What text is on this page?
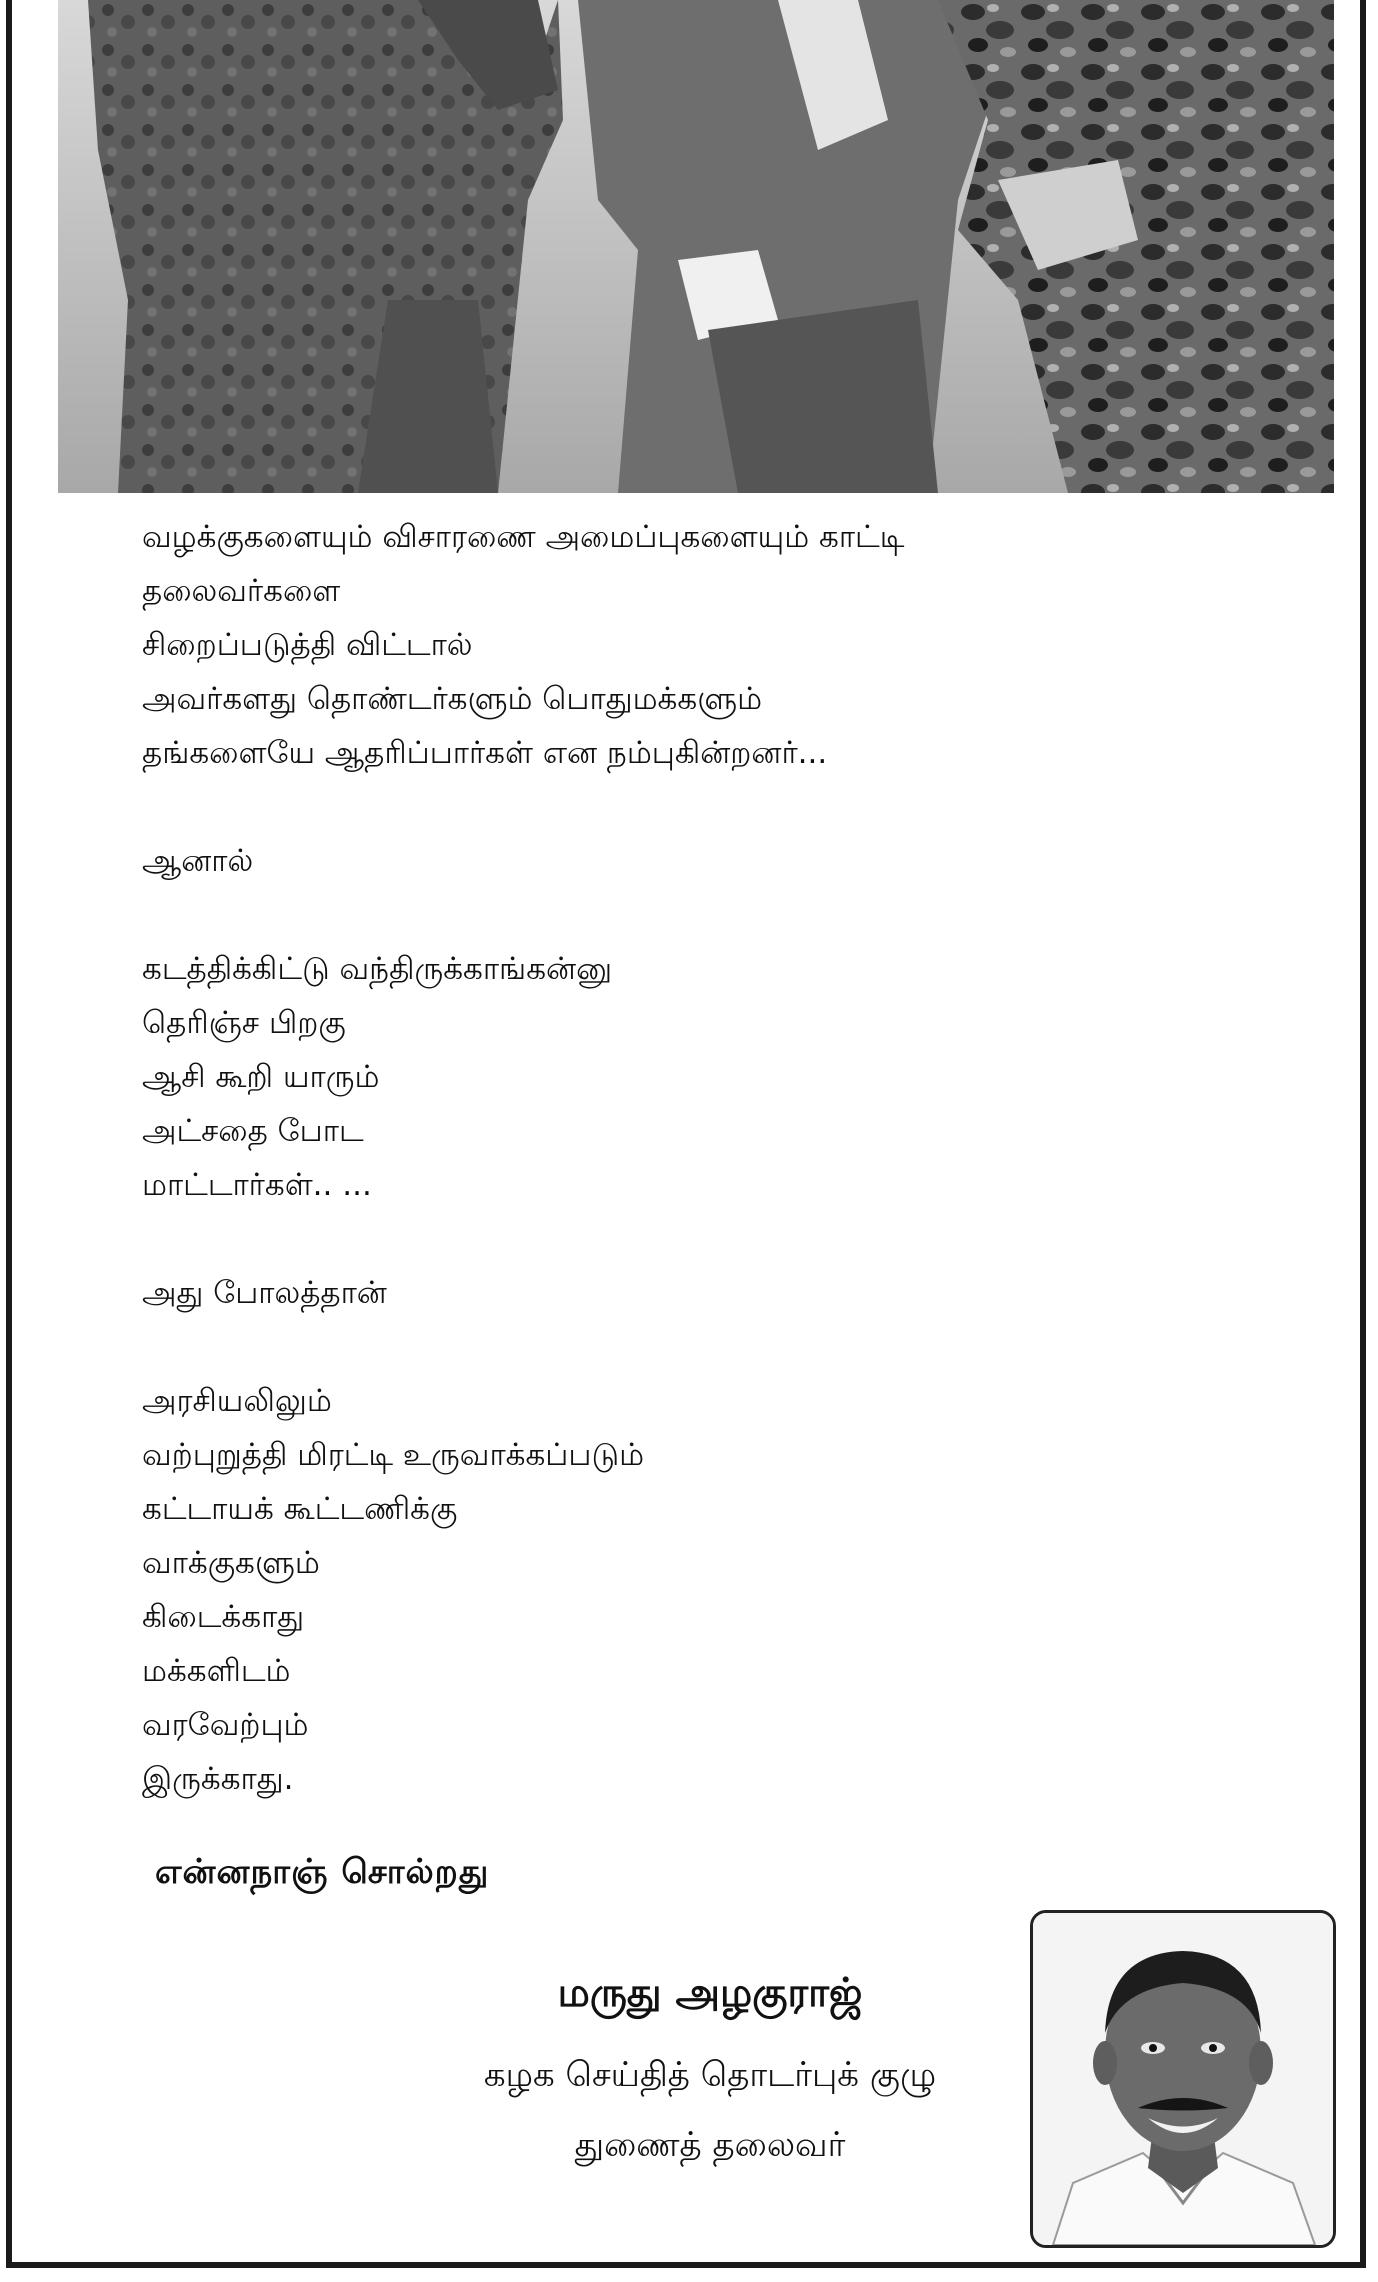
வழக்குகளையும் விசாரணை அமைப்புகளையும் காட்டி
தலைவர்களை
சிறைப்படுத்தி விட்டால்
அவர்களது தொண்டர்களும் பொதுமக்களும்
தங்களையே ஆதரிப்பார்கள் என நம்புகின்றனர்...
ஆனால்
கடத்திக்கிட்டு வந்திருக்காங்கன்னு
தெரிஞ்ச பிறகு
ஆசி கூறி யாரும்
அட்சதை போட
மாட்டார்கள்.. ...
அது போலத்தான்
அரசியலிலும்
வற்புறுத்தி மிரட்டி உருவாக்கப்படும்
கட்டாயக் கூட்டணிக்கு
வாக்குகளும்
கிடைக்காது
மக்களிடம்
வரவேற்பும்
இருக்காது.
என்னநாஞ் சொல்றது
மருது அழகுராஜ்
கழக செய்தித் தொடர்புக் குழு
துணைத் தலைவர்
